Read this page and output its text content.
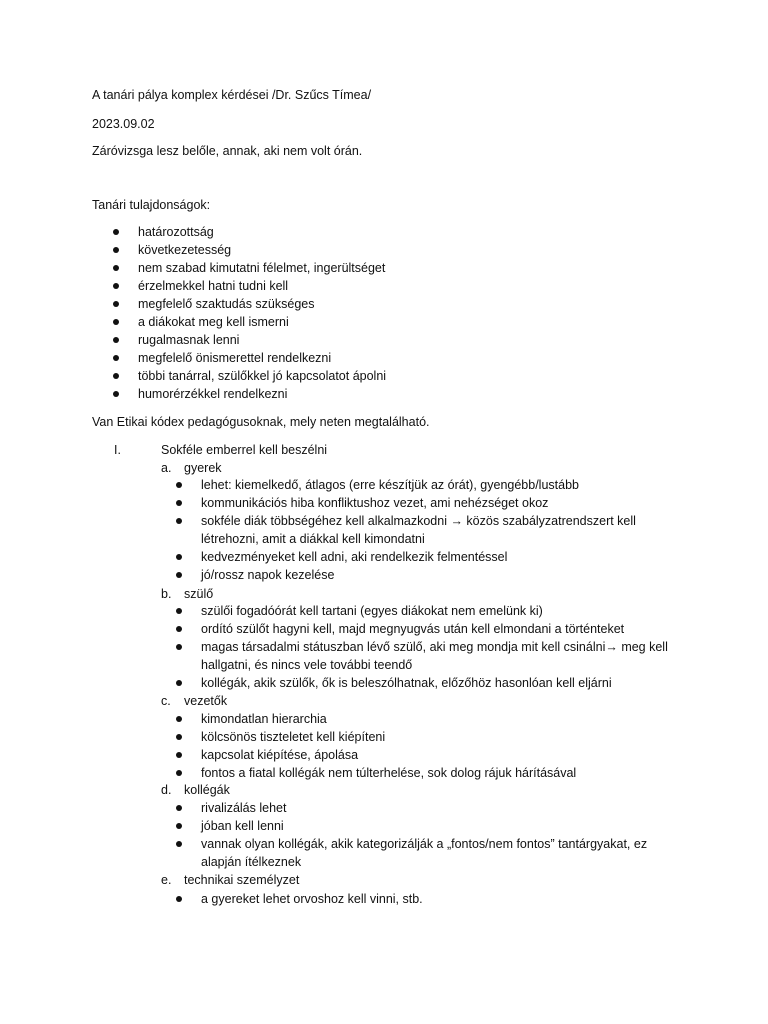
A tanári pálya komplex kérdései /Dr. Szűcs Tímea/
2023.09.02
Záróvizsga lesz belőle, annak, aki nem volt órán.
Tanári tulajdonságok:
határozottság
következetesség
nem szabad kimutatni félelmet, ingerültséget
érzelmekkel hatni tudni kell
megfelelő szaktudás szükséges
a diákokat meg kell ismerni
rugalmasnak lenni
megfelelő önismerettel rendelkezni
többi tanárral, szülőkkel jó kapcsolatot ápolni
humorérzékkel rendelkezni
Van Etikai kódex pedagógusoknak, mely neten megtalálható.
I.	Sokféle emberrel kell beszélni
a. gyerek
lehet: kiemelkedő, átlagos (erre készítjük az órát), gyengébb/lustább
kommunikációs hiba konfliktushoz vezet, ami nehézséget okoz
sokféle diák többségéhez kell alkalmazkodni → közös szabályzatrendszert kell létrehozni, amit a diákkal kell kimondatni
kedvezményeket kell adni, aki rendelkezik felmentéssel
jó/rossz napok kezelése
b. szülő
szülői fogadóórát kell tartani (egyes diákokat nem emelünk ki)
ordító szülőt hagyni kell, majd megnyugvás után kell elmondani a történteket
magas társadalmi státuszban lévő szülő, aki meg mondja mit kell csinálni→ meg kell hallgatni, és nincs vele további teendő
kollégák, akik szülők, ők is beleszólhatnak, előzőhöz hasonlóan kell eljárni
c. vezetők
kimondatlan hierarchia
kölcsönös tiszteletet kell kiépíteni
kapcsolat kiépítése, ápolása
fontos a fiatal kollégák nem túlterhelése, sok dolog rájuk hárításával
d. kollégák
rivalizálás lehet
jóban kell lenni
vannak olyan kollégák, akik kategorizálják a „fontos/nem fontos” tantárgyakat, ez alapján ítélkeznek
e. technikai személyzet
a gyereket lehet orvoshoz kell vinni, stb.
